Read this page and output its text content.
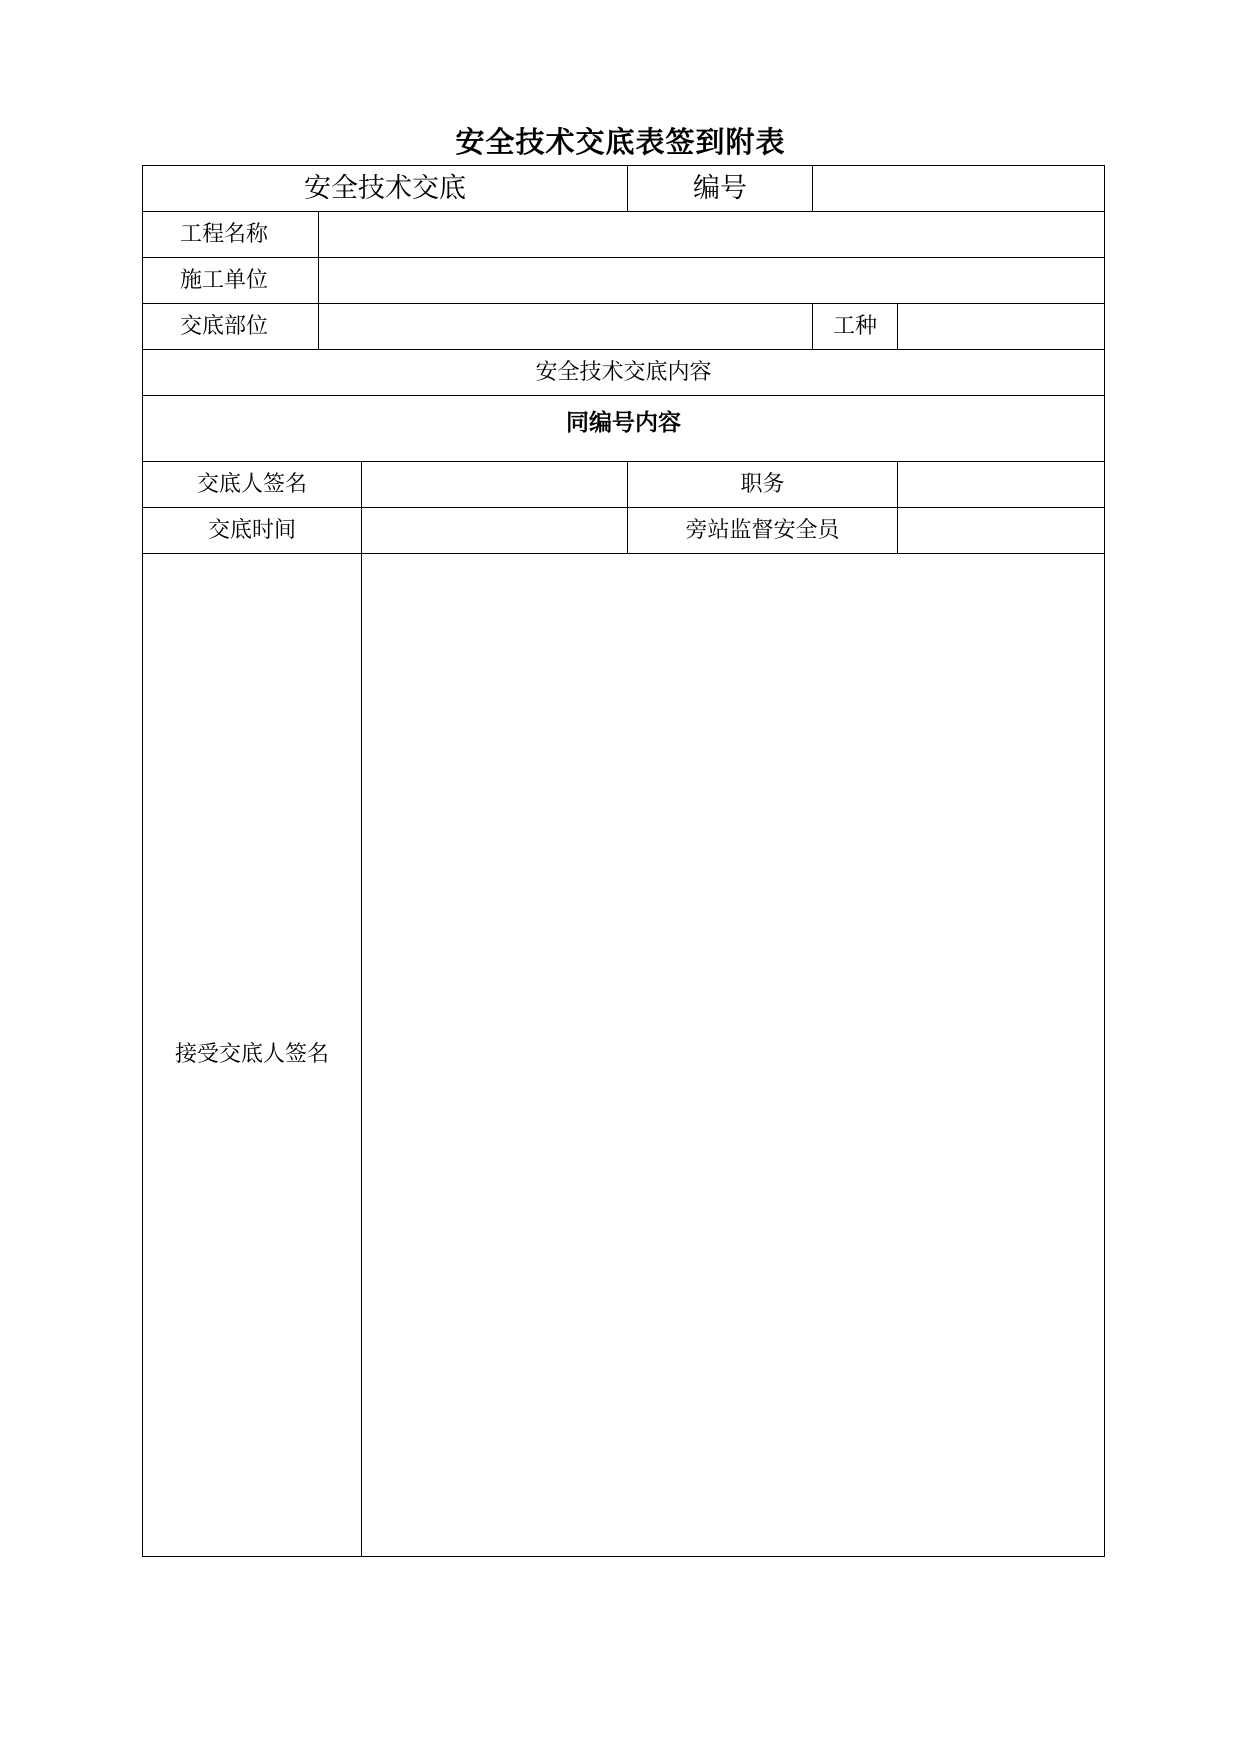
安全技术交底表签到附表
安全技术交底			编号		
工程名称					
施工单位					
交底部位				工种	
安全技术交底内容					
同编号内容					
交底人签名			职务		
交底时间			旁站监督安全员		
接受交底人签名					
